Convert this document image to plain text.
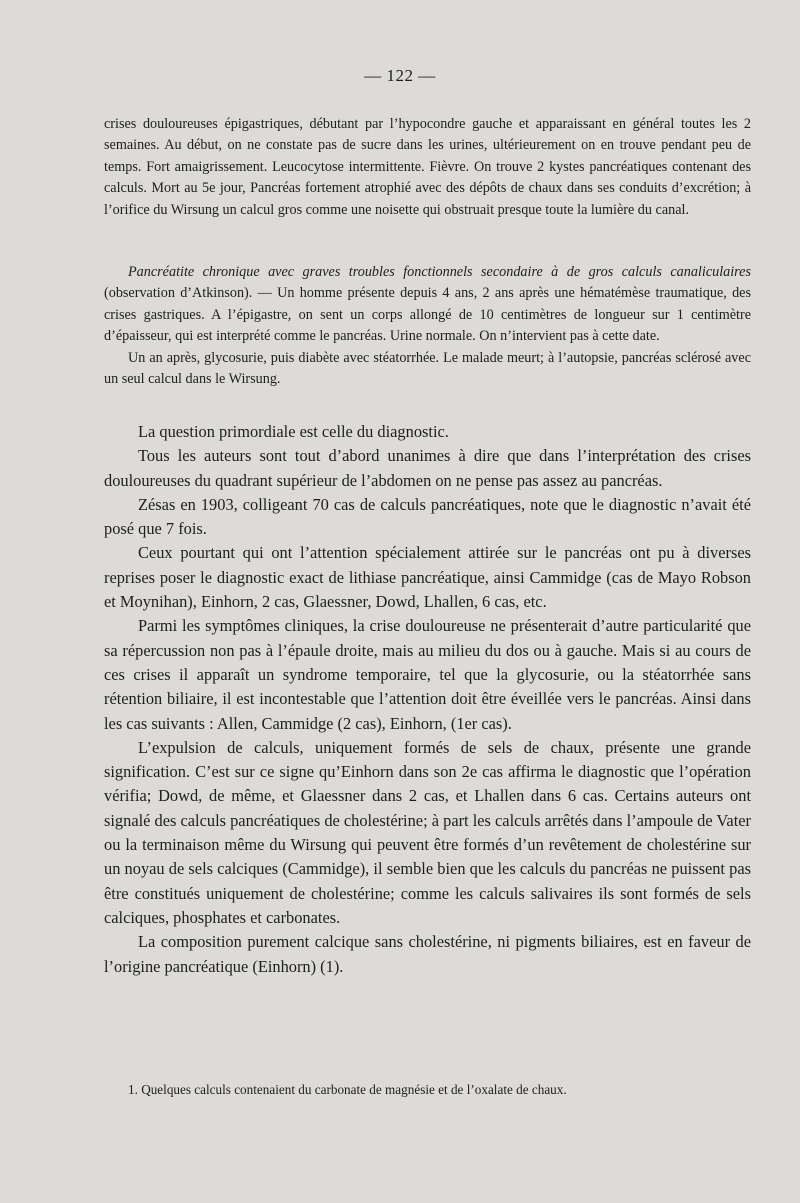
— 122 —

crises douloureuses épigastriques, débutant par l’hypocondre gauche et apparaissant en général toutes les 2 semaines. Au début, on ne constate pas de sucre dans les urines, ultérieurement on en trouve pendant peu de temps. Fort amaigrissement. Leucocytose intermittente. Fièvre. On trouve 2 kystes pancréatiques contenant des calculs. Mort au 5e jour, Pancréas fortement atrophié avec des dépôts de chaux dans ses conduits d’excrétion; à l’orifice du Wirsung un calcul gros comme une noisette qui obstruait presque toute la lumière du canal.

Pancréatite chronique avec graves troubles fonctionnels secondaire à de gros calculs canaliculaires (observation d’Atkinson). — Un homme présente depuis 4 ans, 2 ans après une hématémèse traumatique, des crises gastriques. A l’épigastre, on sent un corps allongé de 10 centimètres de longueur sur 1 centimètre d’épaisseur, qui est interprété comme le pancréas. Urine normale. On n’intervient pas à cette date.

Un an après, glycosurie, puis diabète avec stéatorrhée. Le malade meurt; à l’autopsie, pancréas sclérosé avec un seul calcul dans le Wirsung.

La question primordiale est celle du diagnostic.

Tous les auteurs sont tout d’abord unanimes à dire que dans l’interprétation des crises douloureuses du quadrant supérieur de l’abdomen on ne pense pas assez au pancréas.

Zésas en 1903, colligeant 70 cas de calculs pancréatiques, note que le diagnostic n’avait été posé que 7 fois.

Ceux pourtant qui ont l’attention spécialement attirée sur le pancréas ont pu à diverses reprises poser le diagnostic exact de lithiase pancréatique, ainsi Cammidge (cas de Mayo Robson et Moynihan), Einhorn, 2 cas, Glaessner, Dowd, Lhallen, 6 cas, etc.

Parmi les symptômes cliniques, la crise douloureuse ne présenterait d’autre particularité que sa répercussion non pas à l’épaule droite, mais au milieu du dos ou à gauche. Mais si au cours de ces crises il apparaît un syndrome temporaire, tel que la glycosurie, ou la stéatorrhée sans rétention biliaire, il est incontestable que l’attention doit être éveillée vers le pancréas. Ainsi dans les cas suivants : Allen, Cammidge (2 cas), Einhorn, (1er cas).

L’expulsion de calculs, uniquement formés de sels de chaux, présente une grande signification. C’est sur ce signe qu’Einhorn dans son 2e cas affirma le diagnostic que l’opération vérifia; Dowd, de même, et Glaessner dans 2 cas, et Lhallen dans 6 cas. Certains auteurs ont signalé des calculs pancréatiques de cholestérine; à part les calculs arrêtés dans l’ampoule de Vater ou la terminaison même du Wirsung qui peuvent être formés d’un revêtement de cholestérine sur un noyau de sels calciques (Cammidge), il semble bien que les calculs du pancréas ne puissent pas être constitués uniquement de cholestérine; comme les calculs salivaires ils sont formés de sels calciques, phosphates et carbonates.

La composition purement calcique sans cholestérine, ni pigments biliaires, est en faveur de l’origine pancréatique (Einhorn) (1).

1. Quelques calculs contenaient du carbonate de magnésie et de l’oxalate de chaux.
